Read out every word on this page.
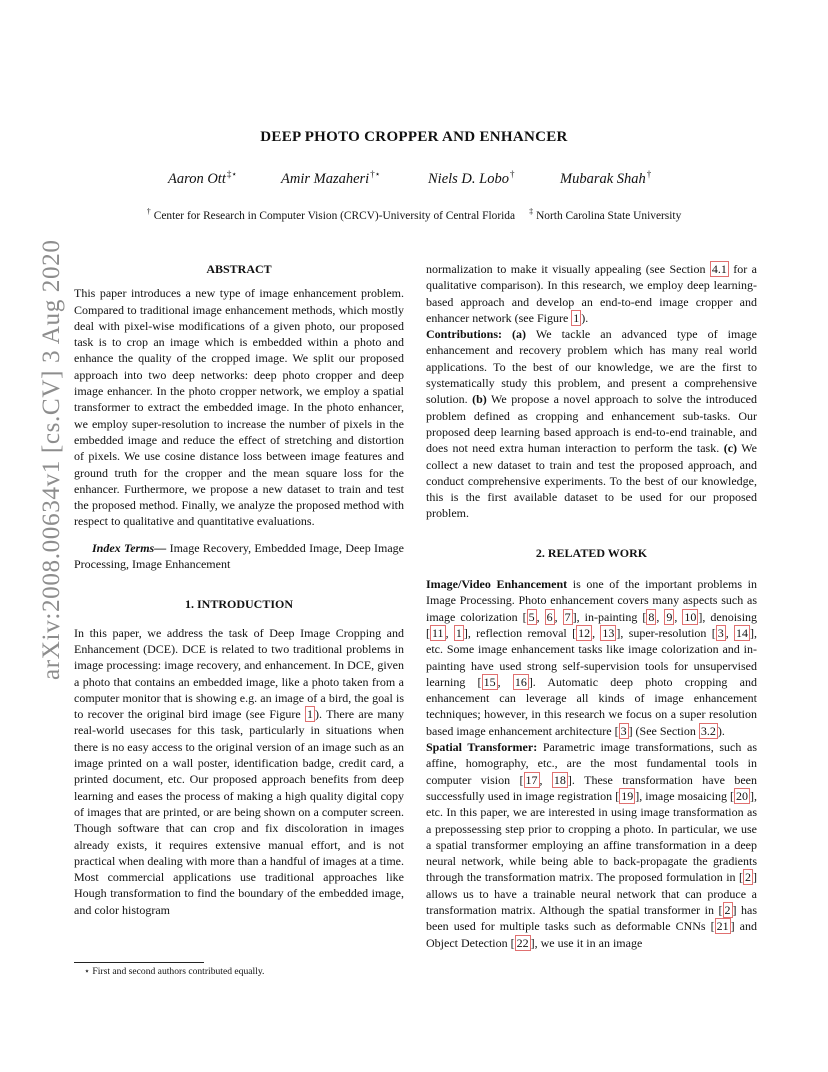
arXiv:2008.00634v1 [cs.CV] 3 Aug 2020
DEEP PHOTO CROPPER AND ENHANCER
Aaron Ott‡⋆	Amir Mazaheri†⋆	Niels D. Lobo†	Mubarak Shah†
† Center for Research in Computer Vision (CRCV)-University of Central Florida ‡ North Carolina State University
ABSTRACT

This paper introduces a new type of image enhancement problem. Compared to traditional image enhancement methods, which mostly deal with pixel-wise modifications of a given photo, our proposed task is to crop an image which is embedded within a photo and enhance the quality of the cropped image. We split our proposed approach into two deep networks: deep photo cropper and deep image enhancer. In the photo cropper network, we employ a spatial transformer to extract the embedded image. In the photo enhancer, we employ super-resolution to increase the number of pixels in the embedded image and reduce the effect of stretching and distortion of pixels. We use cosine distance loss between image features and ground truth for the cropper and the mean square loss for the enhancer. Furthermore, we propose a new dataset to train and test the proposed method. Finally, we analyze the proposed method with respect to qualitative and quantitative evaluations.

Index Terms— Image Recovery, Embedded Image, Deep Image Processing, Image Enhancement

1. INTRODUCTION

In this paper, we address the task of Deep Image Cropping and Enhancement (DCE). DCE is related to two traditional problems in image processing: image recovery, and enhancement. In DCE, given a photo that contains an embedded image, like a photo taken from a computer monitor that is showing e.g. an image of a bird, the goal is to recover the original bird image (see Figure 1 ). There are many real-world usecases for this task, particularly in situations when there is no easy access to the original version of an image such as an image printed on a wall poster, identification badge, credit card, a printed document, etc. Our proposed approach benefits from deep learning and eases the process of making a high quality digital copy of images that are printed, or are being shown on a computer screen. Though software that can crop and fix discoloration in images already exists, it requires extensive manual effort, and is not practical when dealing with more than a handful of images at a time. Most commercial applications use traditional approaches like Hough transformation to find the boundary of the embedded image, and color histogram

⋆ First and second authors contributed equally.

normalization to make it visually appealing (see Section 4.1 for a qualitative comparison). In this research, we employ deep learning-based approach and develop an end-to-end image cropper and enhancer network (see Figure 1 ).

Contributions: (a) We tackle an advanced type of image enhancement and recovery problem which has many real world applications. To the best of our knowledge, we are the first to systematically study this problem, and present a comprehensive solution. (b) We propose a novel approach to solve the introduced problem defined as cropping and enhancement sub-tasks. Our proposed deep learning based approach is end-to-end trainable, and does not need extra human interaction to perform the task. (c) We collect a new dataset to train and test the proposed approach, and conduct comprehensive experiments. To the best of our knowledge, this is the first available dataset to be used for our proposed problem.

2. RELATED WORK

Image/Video Enhancement is one of the important problems in Image Processing. Photo enhancement covers many aspects such as image colorization [ 5 , 6 , 7 ], in-painting [ 8 , 9 , 10 ], denoising [ 11 , 1 ], reflection removal [ 12 , 13 ], super-resolution [ 3 , 14 ], etc. Some image enhancement tasks like image colorization and in-painting have used strong self-supervision tools for unsupervised learning [ 15 , 16 ]. Automatic deep photo cropping and enhancement can leverage all kinds of image enhancement techniques; however, in this research we focus on a super resolution based image enhancement architecture [ 3 ] (See Section 3.2 ).

Spatial Transformer: Parametric image transformations, such as affine, homography, etc., are the most fundamental tools in computer vision [ 17 , 18 ]. These transformation have been successfully used in image registration [ 19 ], image mosaicing [ 20 ], etc. In this paper, we are interested in using image transformation as a prepossessing step prior to cropping a photo. In particular, we use a spatial transformer employing an affine transformation in a deep neural network, while being able to back-propagate the gradients through the transformation matrix. The proposed formulation in [ 2 ] allows us to have a trainable neural network that can produce a transformation matrix. Although the spatial transformer in [ 2 ] has been used for multiple tasks such as deformable CNNs [ 21 ] and Object Detection [ 22 ], we use it in an image
